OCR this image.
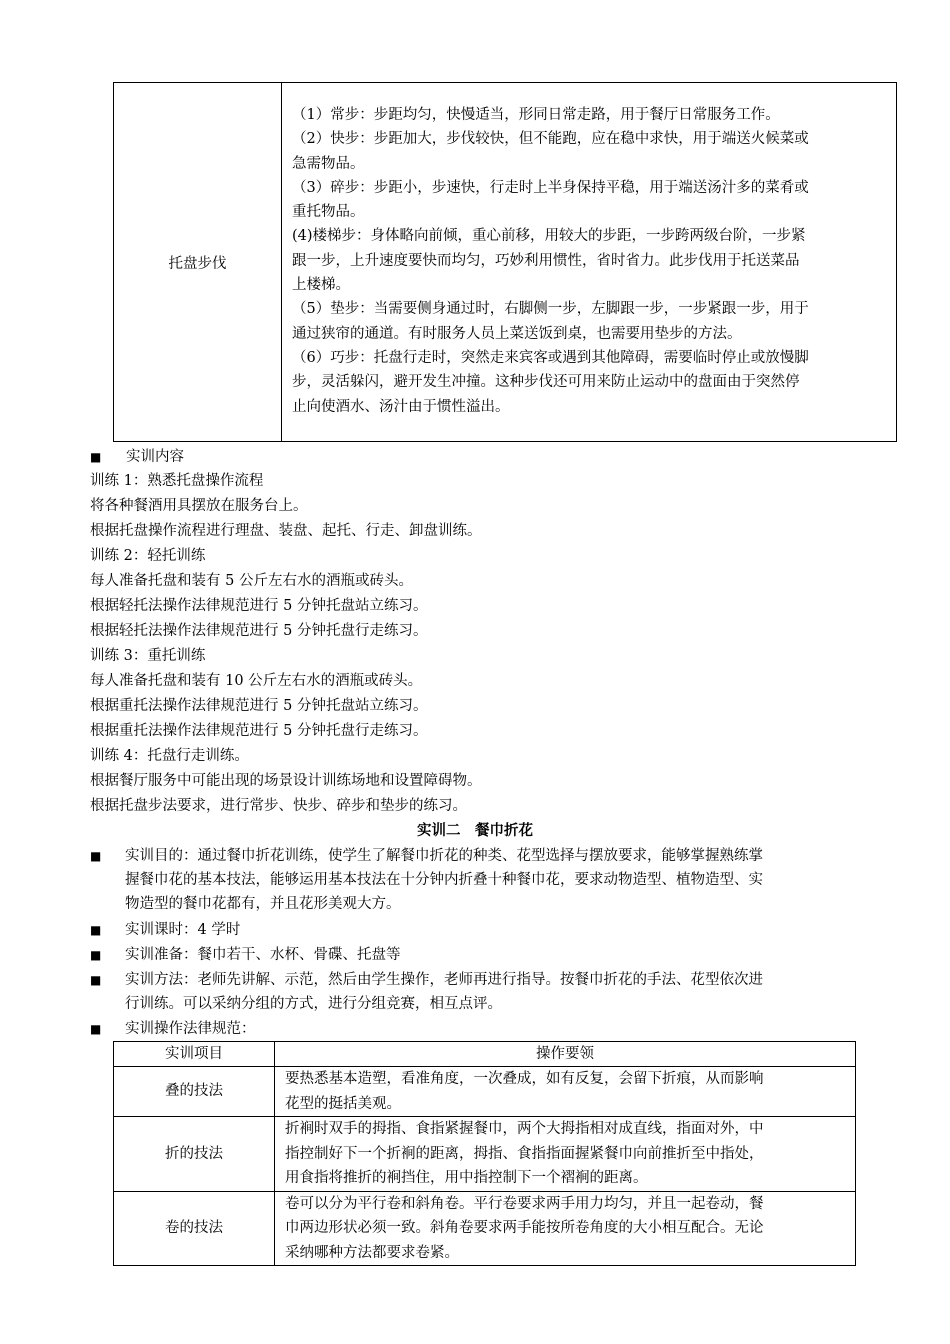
托盘步伐

（1）常步：步距均匀，快慢适当，形同日常走路，用于餐厅日常服务工作。

（2）快步：步距加大，步伐较快，但不能跑，应在稳中求快，用于端送火候菜或

急需物品。

（3）碎步：步距小，步速快，行走时上半身保持平稳，用于端送汤汁多的菜肴或

重托物品。

(4)楼梯步：身体略向前倾，重心前移，用较大的步距，一步跨两级台阶，一步紧

跟一步，上升速度要快而均匀，巧妙利用惯性，省时省力。此步伐用于托送菜品

上楼梯。

（5）垫步：当需要侧身通过时，右脚侧一步，左脚跟一步，一步紧跟一步，用于

通过狭帘的通道。有时服务人员上菜送饭到桌，也需要用垫步的方法。

（6）巧步：托盘行走时，突然走来宾客或遇到其他障碍，需要临时停止或放慢脚

步，灵活躲闪，避开发生冲撞。这种步伐还可用来防止运动中的盘面由于突然停

止向使酒水、汤汁由于惯性溢出。

■ 实训内容
训练 1：熟悉托盘操作流程
将各种餐酒用具摆放在服务台上。
根据托盘操作流程进行理盘、装盘、起托、行走、卸盘训练。
训练 2：轻托训练
每人准备托盘和装有 5 公斤左右水的酒瓶或砖头。
根据轻托法操作法律规范进行 5 分钟托盘站立练习。
根据轻托法操作法律规范进行 5 分钟托盘行走练习。
训练 3：重托训练
每人准备托盘和装有 10 公斤左右水的酒瓶或砖头。
根据重托法操作法律规范进行 5 分钟托盘站立练习。
根据重托法操作法律规范进行 5 分钟托盘行走练习。
训练 4：托盘行走训练。
根据餐厅服务中可能出现的场景设计训练场地和设置障碍物。
根据托盘步法要求，进行常步、快步、碎步和垫步的练习。
实训二　餐巾折花
■ 实训目的：通过餐巾折花训练，使学生了解餐巾折花的种类、花型选择与摆放要求，能够掌握熟练掌
握餐巾花的基本技法，能够运用基本技法在十分钟内折叠十种餐巾花，要求动物造型、植物造型、实
物造型的餐巾花都有，并且花形美观大方。
■ 实训课时：4 学时
■ 实训准备：餐巾若干、水杯、骨碟、托盘等
■ 实训方法：老师先讲解、示范，然后由学生操作，老师再进行指导。按餐巾折花的手法、花型依次进
行训练。可以采纳分组的方式，进行分组竞赛，相互点评。
■ 实训操作法律规范：
实训项目	操作要领
叠的技法	要热悉基本造塑，看准角度，一次叠成，如有反复，会留下折痕，从而影响
花型的挺括美观。

折的技法	折裥时双手的拇指、食指紧握餐巾，两个大拇指相对成直线，指面对外，中
指控制好下一个折裥的距离，拇指、食指指面握紧餐巾向前推折至中指处，
用食指将推折的裥挡住，用中指控制下一个褶裥的距离。

卷的技法	卷可以分为平行卷和斜角卷。平行卷要求两手用力均匀，并且一起卷动，餐
巾两边形状必须一致。斜角卷要求两手能按所卷角度的大小相互配合。无论
采纳哪种方法都要求卷紧。
